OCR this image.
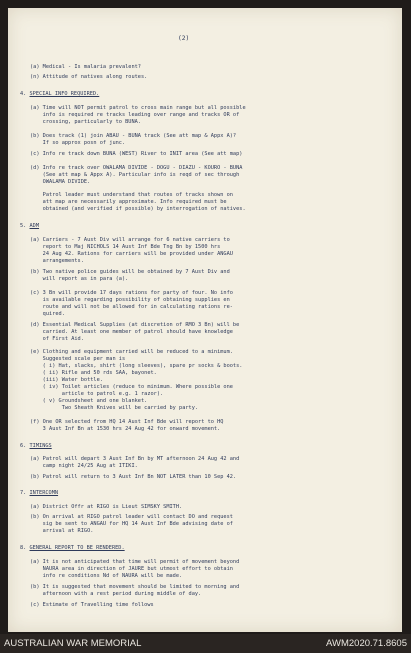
(2)
(a) Medical - Is malaria prevalent?
(n) Attitude of natives along routes.
4. SPECIAL INFO REQUIRED.
(a) Time will NOT permit patrol to cross main range but all possible
info is required re tracks leading over range and tracks OR of
crossing, particularly to BUNA.
(b) Does track (1) join ABAU - BUNA track (See att map & Appx A)?
If so approx posn of junc.
(c) Info re track down BUNA (WEST) River to INIT area (See att map)
(d) Info re track over OWALAMA DIVIDE - DOGU - DIAZU - KOURO - BUNA
(See att map & Appx A). Particular info is reqd of sec through
OWALAMA DIVIDE.
Patrol leader must understand that routes of tracks shown on
att map are necessarily approximate. Info required must be
obtained (and verified if possible) by interrogation of natives.
5. ADM
(a) Carriers - 7 Aust Div will arrange for 6 native carriers to
report to Maj NICHOLS 14 Aust Inf Bde Tng Bn by 1500 hrs
24 Aug 42. Rations for carriers will be provided under ANGAU
arrangements.
(b) Two native police guides will be obtained by 7 Aust Div and
will report as in para (a).
(c) 3 Bn will provide 17 days rations for party of four. No info
is available regarding possibility of obtaining supplies en
route and will not be allowed for in calculating rations re-
quired.
(d) Essential Medical Supplies (at discretion of RMO 3 Bn) will be
carried. At least one member of patrol should have knowledge
of First Aid.
(e) Clothing and equipment carried will be reduced to a minimum.
Suggested scale per man is
( i) Hat, slacks, shirt (long sleeves), spare pr socks & boots.
( ii) Rifle and 50 rds SAA, bayonet.
(iii) Water bottle.
( iv) Toilet articles (reduce to minimum. Where possible one
article to patrol e.g. 1 razor).
( v) Groundsheet and one blanket.
Two Sheath Knives will be carried by party.
(f) One OR selected from HQ 14 Aust Inf Bde will report to HQ
3 Aust Inf Bn at 1530 hrs 24 Aug 42 for onward movement.
6. TIMINGS
(a) Patrol will depart 3 Aust Inf Bn by MT afternoon 24 Aug 42 and
camp night 24/25 Aug at ITIKI.
(b) Patrol will return to 3 Aust Inf Bn NOT LATER than 10 Sep 42.
7. INTERCOMN
(a) District Offr at RIGO is Lieut SIMSKY SMITH.
(b) On arrival at RIGO patrol leader will contact DO and request
sig be sent to ANGAU for HQ 14 Aust Inf Bde advising date of
arrival at RIGO.
8. GENERAL REPORT TO BE RENDERED.
(a) It is not anticipated that time will permit of movement beyond
NAURA area in direction of JAURE but utmost effort to obtain
info re conditions Nd of NAURA will be made.
(b) It is suggested that movement should be limited to morning and
afternoon with a rest period during middle of day.
(c) Estimate of Travelling time follows
AUSTRALIAN WAR MEMORIAL	AWM2020.71.8605
